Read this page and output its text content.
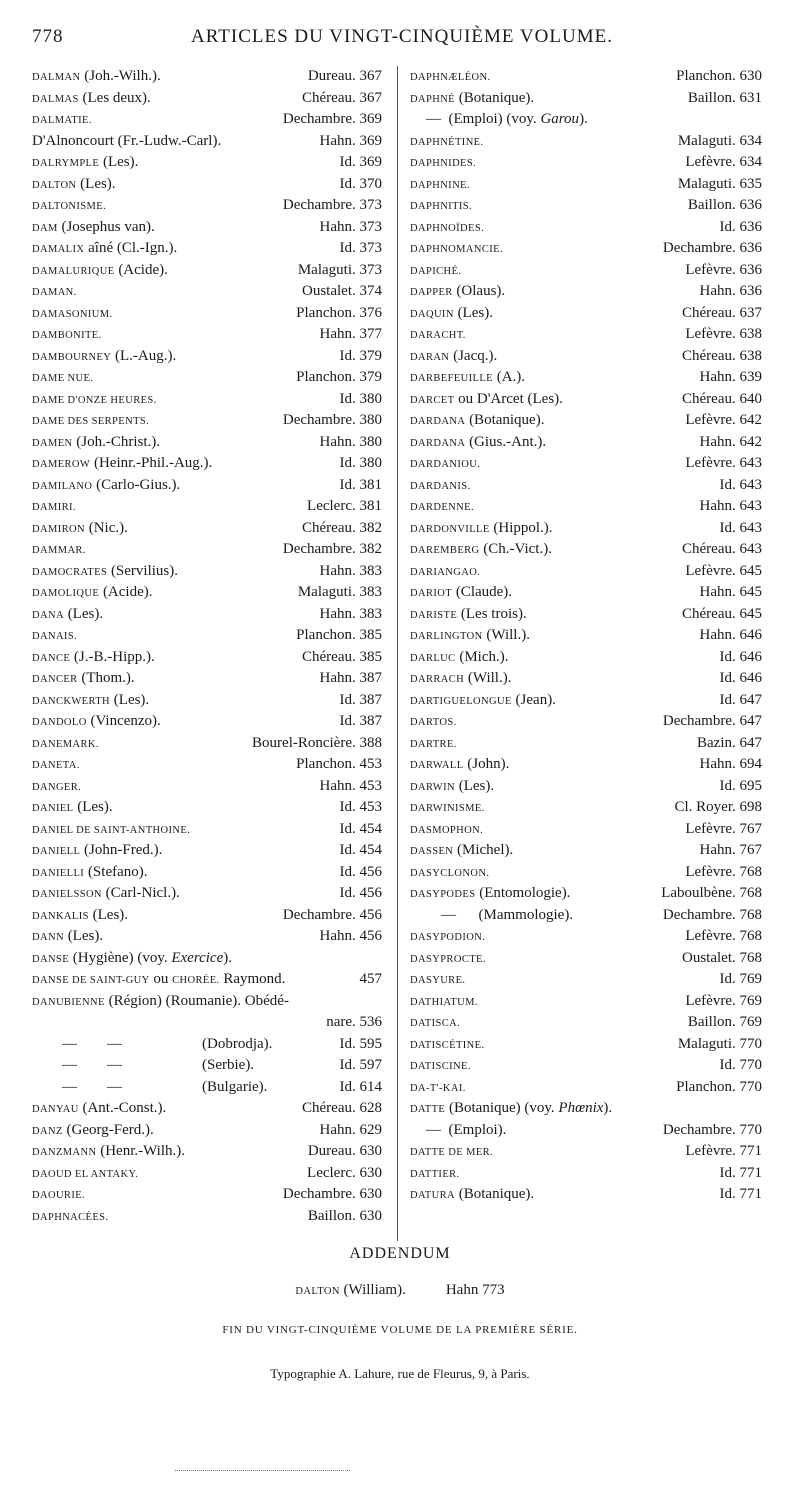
778	ARTICLES DU VINGT-CINQUIÈME VOLUME.
DALMAN (Joh.-Wilh.).	Dureau. 367
DALMAS (Les deux).	Chéreau. 367
DALMATIE.	Dechambre. 369
D'Alnoncourt (Fr.-Ludw.-Carl).	Hahn. 369
DALRYMPLE (Les).	Id. 369
DALTON (Les).	Id. 370
DALTONISME.	Dechambre. 373
DAM (Josephus van).	Hahn. 373
DAMALIX aîné (Cl.-Ign.).	Id. 373
DAMALURIQUE (Acide).	Malaguti. 373
DAMAN.	Oustalet. 374
DAMASONIUM.	Planchon. 376
DAMBONITE.	Hahn. 377
DAMBOURNEY (L.-Aug.).	Id. 379
DAME NUE.	Planchon. 379
DAME D'ONZE HEURES.	Id. 380
DAME DES SERPENTS.	Dechambre. 380
DAMEN (Joh.-Christ.).	Hahn. 380
DAMEROW (Heinr.-Phil.-Aug.).	Id. 380
DAMILANO (Carlo-Gius.).	Id. 381
DAMIRI.	Leclerc. 381
DAMIRON (Nic.).	Chéreau. 382
DAMMAR.	Dechambre. 382
DAMOCRATES (Servilius).	Hahn. 383
DAMOLIQUE (Acide).	Malaguti. 383
DANA (Les).	Hahn. 383
DANAIS.	Planchon. 385
DANCE (J.-B.-Hipp.).	Chéreau. 385
DANCER (Thom.).	Hahn. 387
DANCKWERTH (Les).	Id. 387
DANDOLO (Vincenzo).	Id. 387
DANEMARK.	Bourel-Roncière. 388
DANETA.	Planchon. 453
DANGER.	Hahn. 453
DANIEL (Les).	Id. 453
DANIEL DE SAINT-ANTHOINE.	Id. 454
DANIELL (John-Fred.).	Id. 454
DANIELLI (Stefano).	Id. 456
DANIELSSON (Carl-Nicl.).	Id. 456
DANKALIS (Les).	Dechambre. 456
DANN (Les).	Hahn. 456
DANSE (Hygiène) (voy. Exercice).
DANSE DE SAINT-GUY ou CHORÉE. Raymond.	457
DANUBIENNE (Région) (Roumanie). Obédé-
nare. 536
—        —	(Dobrodja).	Id. 595
—        —	(Serbie).	Id. 597
—        —	(Bulgarie).	Id. 614
DANYAU (Ant.-Const.).	Chéreau. 628
DANZ (Georg-Ferd.).	Hahn. 629
DANZMANN (Henr.-Wilh.).	Dureau. 630
DAOUD EL ANTAKY.	Leclerc. 630
DAOURIE.	Dechambre. 630
DAPHNACÉES.	Baillon. 630
DAPHNÆLÉON.	Planchon. 630
DAPHNÉ (Botanique).	Baillon. 631
—  (Emploi) (voy. Garou).
DAPHNÉTINE.	Malaguti. 634
DAPHNIDES.	Lefèvre. 634
DAPHNINE.	Malaguti. 635
DAPHNITIS.	Baillon. 636
DAPHNOÏDES.	Id. 636
DAPHNOMANCIE.	Dechambre. 636
DAPICHÉ.	Lefèvre. 636
DAPPER (Olaus).	Hahn. 636
DAQUIN (Les).	Chéreau. 637
DARACHT.	Lefèvre. 638
DARAN (Jacq.).	Chéreau. 638
DARBEFEUILLE (A.).	Hahn. 639
DARCET ou D'Arcet (Les).	Chéreau. 640
DARDANA (Botanique).	Lefèvre. 642
DARDANA (Gius.-Ant.).	Hahn. 642
DARDANIOU.	Lefèvre. 643
DARDANIS.	Id. 643
DARDENNE.	Hahn. 643
DARDONVILLE (Hippol.).	Id. 643
DAREMBERG (Ch.-Vict.).	Chéreau. 643
DARIANGAO.	Lefèvre. 645
DARIOT (Claude).	Hahn. 645
DARISTE (Les trois).	Chéreau. 645
DARLINGTON (Will.).	Hahn. 646
DARLUC (Mich.).	Id. 646
DARRACH (Will.).	Id. 646
DARTIGUELONGUE (Jean).	Id. 647
DARTOS.	Dechambre. 647
DARTRE.	Bazin. 647
DARWALL (John).	Hahn. 694
DARWIN (Les).	Id. 695
DARWINISME.	Cl. Royer. 698
DASMOPHON.	Lefèvre. 767
DASSEN (Michel).	Hahn. 767
DASYCLONON.	Lefèvre. 768
DASYPODES (Entomologie).	Laboulbène. 768
—      (Mammologie).	Dechambre. 768
DASYPODION.	Lefèvre. 768
DASYPROCTE.	Oustalet. 768
DASYURE.	Id. 769
DATHIATUM.	Lefèvre. 769
DATISCA.	Baillon. 769
DATISCÉTINE.	Malaguti. 770
DATISCINE.	Id. 770
DA-T'-KAI.	Planchon. 770
DATTE (Botanique) (voy. Phœnix).
—  (Emploi).	Dechambre. 770
DATTE DE MER.	Lefèvre. 771
DATTIER.	Id. 771
DATURA (Botanique).	Id. 771
ADDENDUM
DALTON (William).	Hahn 773
FIN DU VINGT-CINQUIÈME VOLUME DE LA PREMIÈRE SÉRIE.
Typographie A. Lahure, rue de Fleurus, 9, à Paris.
